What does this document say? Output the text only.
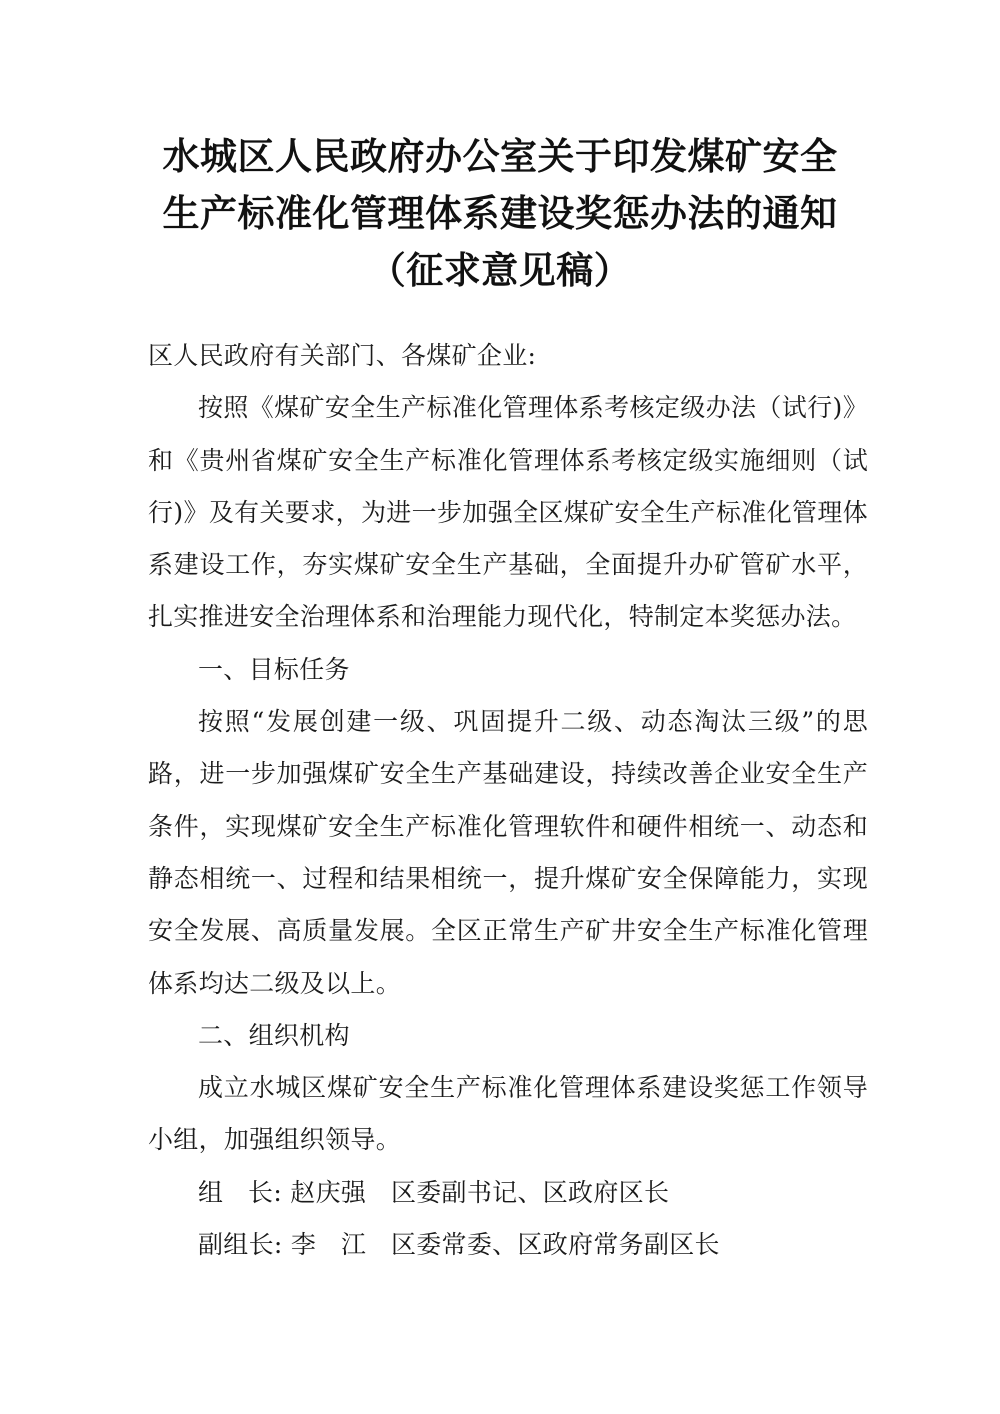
水城区人民政府办公室关于印发煤矿安全
生产标准化管理体系建设奖惩办法的通知
（征求意见稿）

区人民政府有关部门、各煤矿企业:

按照《煤矿安全生产标准化管理体系考核定级办法（试行)》和《贵州省煤矿安全生产标准化管理体系考核定级实施细则（试行)》及有关要求，为进一步加强全区煤矿安全生产标准化管理体系建设工作，夯实煤矿安全生产基础，全面提升办矿管矿水平，扎实推进安全治理体系和治理能力现代化，特制定本奖惩办法。

一、目标任务

按照“发展创建一级、巩固提升二级、动态淘汰三级”的思路，进一步加强煤矿安全生产基础建设，持续改善企业安全生产条件，实现煤矿安全生产标准化管理软件和硬件相统一、动态和静态相统一、过程和结果相统一，提升煤矿安全保障能力，实现安全发展、高质量发展。全区正常生产矿井安全生产标准化管理体系均达二级及以上。

二、组织机构

成立水城区煤矿安全生产标准化管理体系建设奖惩工作领导小组，加强组织领导。

组   长: 赵庆强   区委副书记、区政府区长

副组长: 李   江   区委常委、区政府常务副区长
